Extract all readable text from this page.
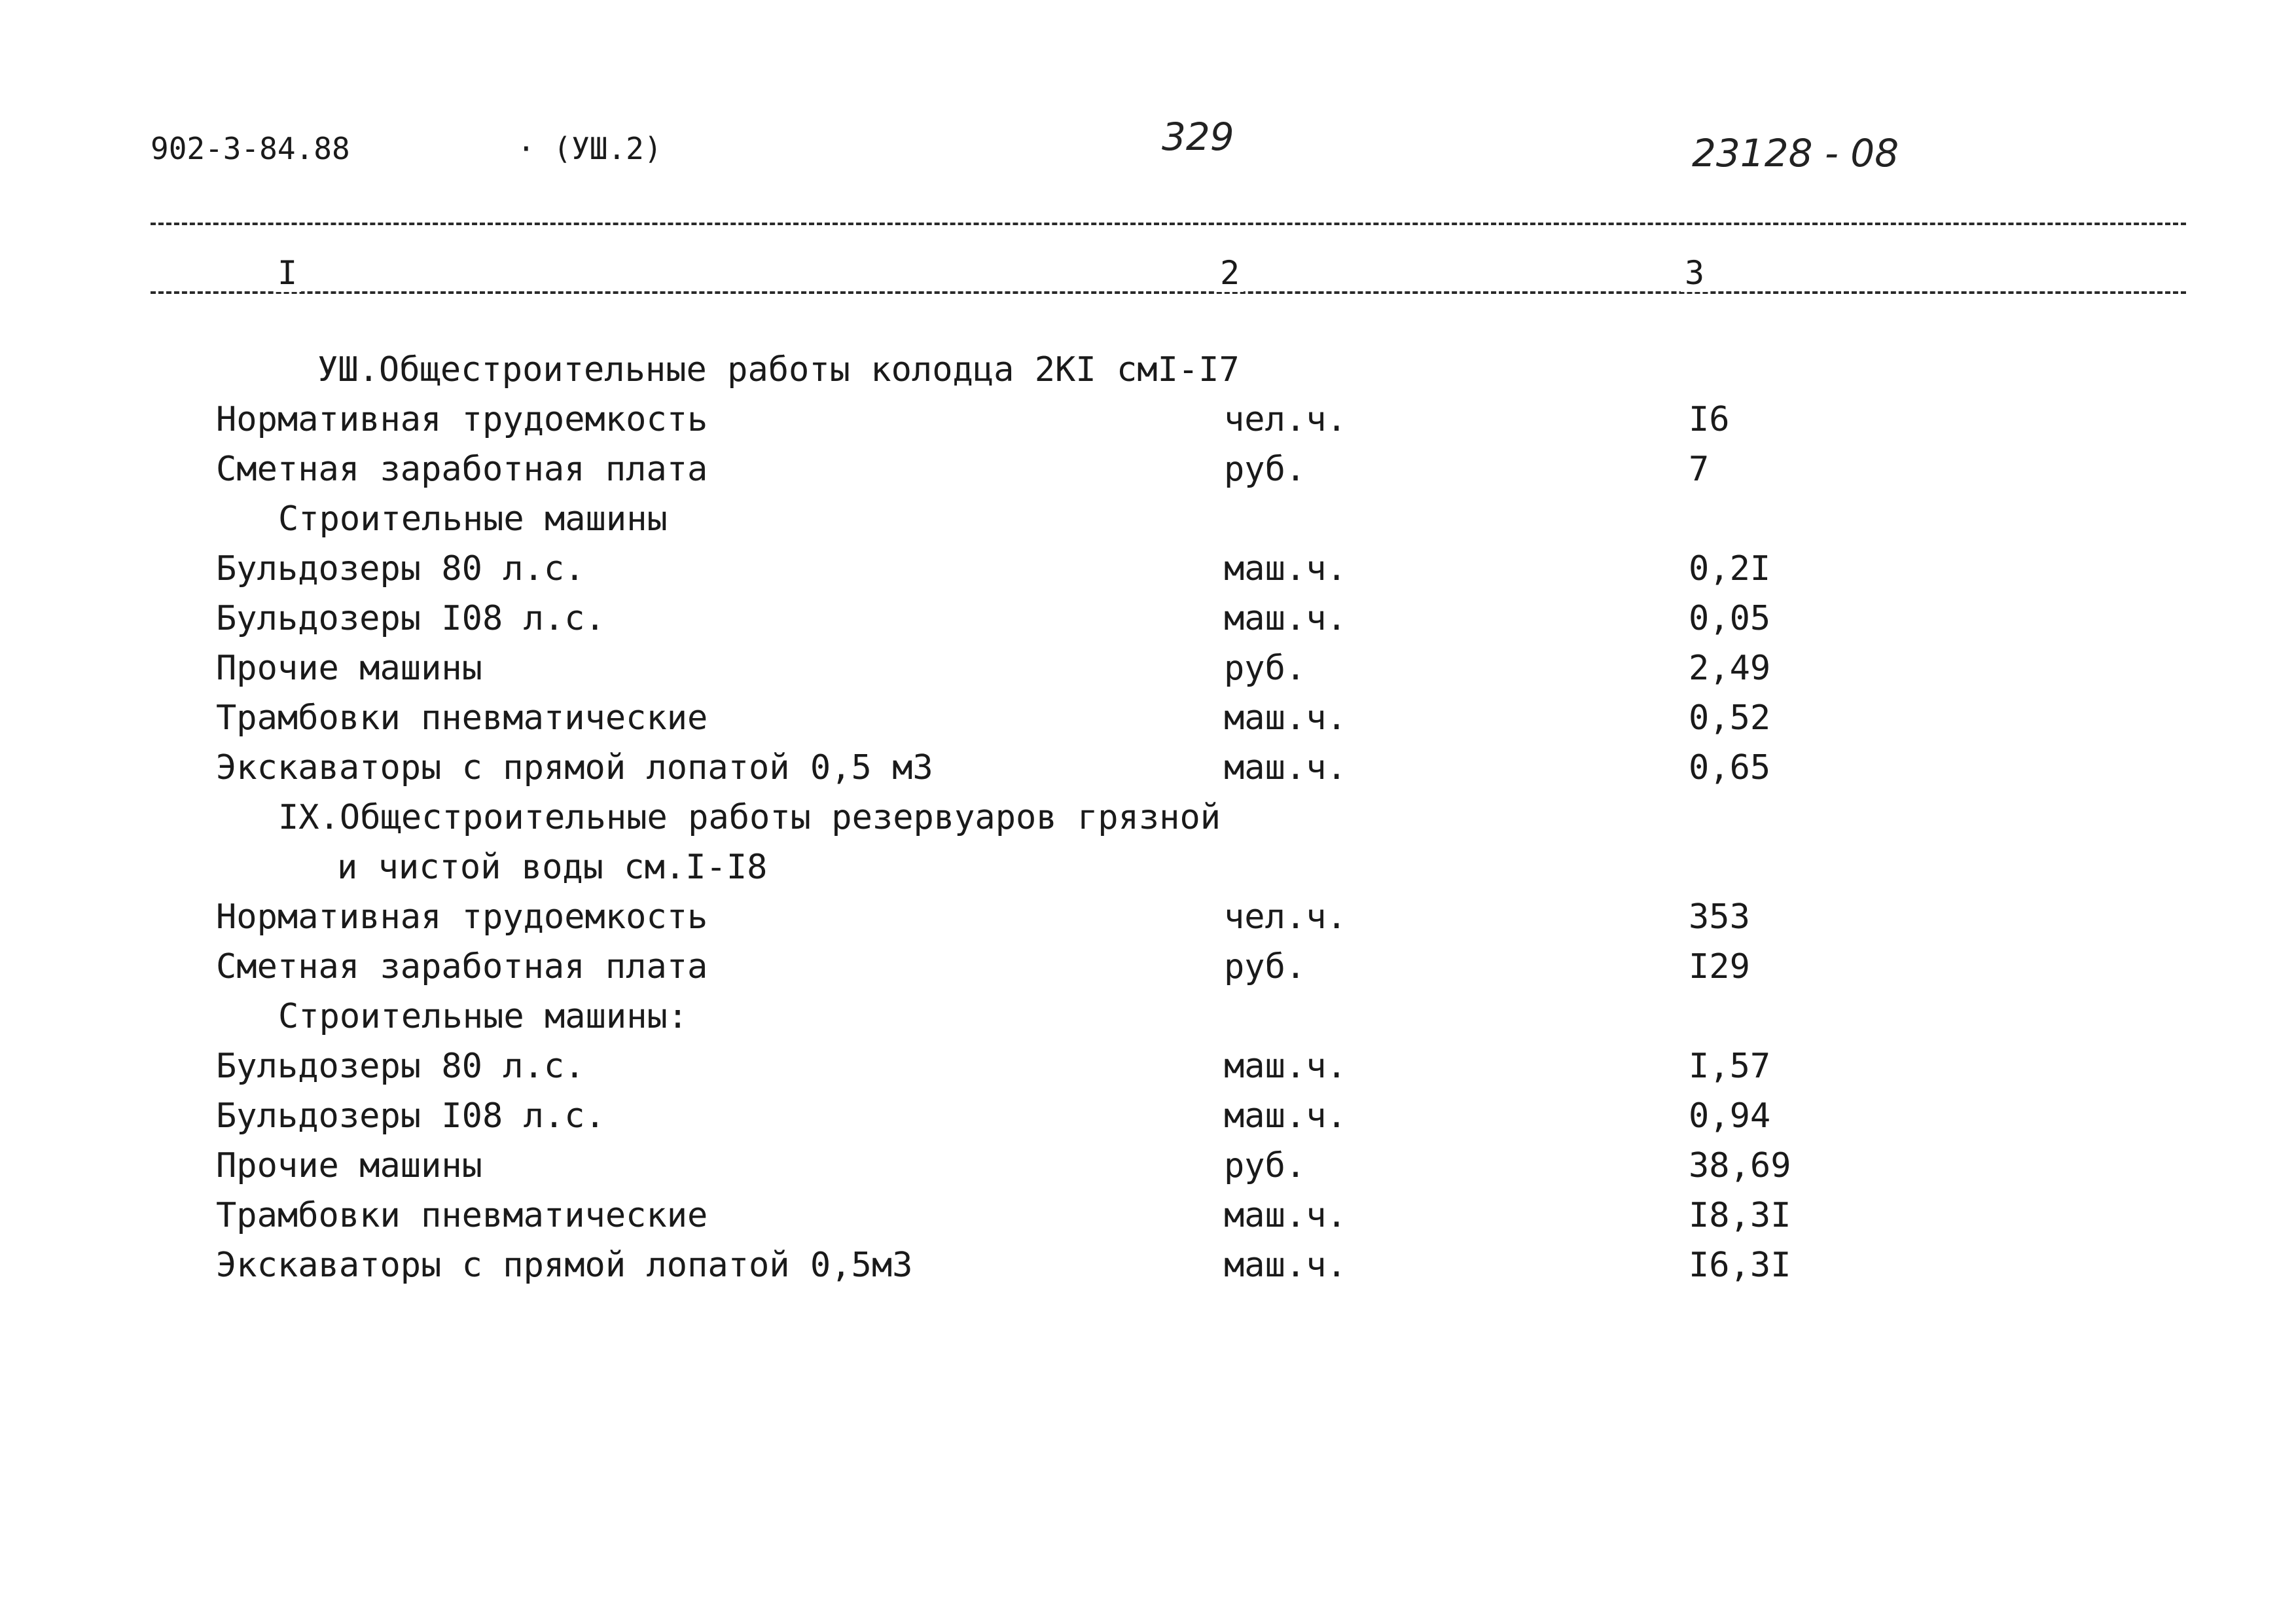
902-3-84.88	· (УШ.2)	329	23128 - 08
I	2	3
УШ.Общестроительные работы колодца 2КI смI-I7
Нормативная трудоемкость	чел.ч.	I6
Сметная заработная плата	руб.	7
Строительные машины
Бульдозеры 80 л.с.	маш.ч.	0,2I
Бульдозеры I08 л.с.	маш.ч.	0,05
Прочие машины	руб.	2,49
Трамбовки пневматические	маш.ч.	0,52
Экскаваторы с прямой лопатой 0,5 м3	маш.ч.	0,65
IX.Общестроительные работы резервуаров грязной
и чистой воды см.I-I8
Нормативная трудоемкость	чел.ч.	353
Сметная заработная плата	руб.	I29
Строительные машины:
Бульдозеры 80 л.с.	маш.ч.	I,57
Бульдозеры I08 л.с.	маш.ч.	0,94
Прочие машины	руб.	38,69
Трамбовки пневматические	маш.ч.	I8,3I
Экскаваторы с прямой лопатой 0,5м3	маш.ч.	I6,3I
